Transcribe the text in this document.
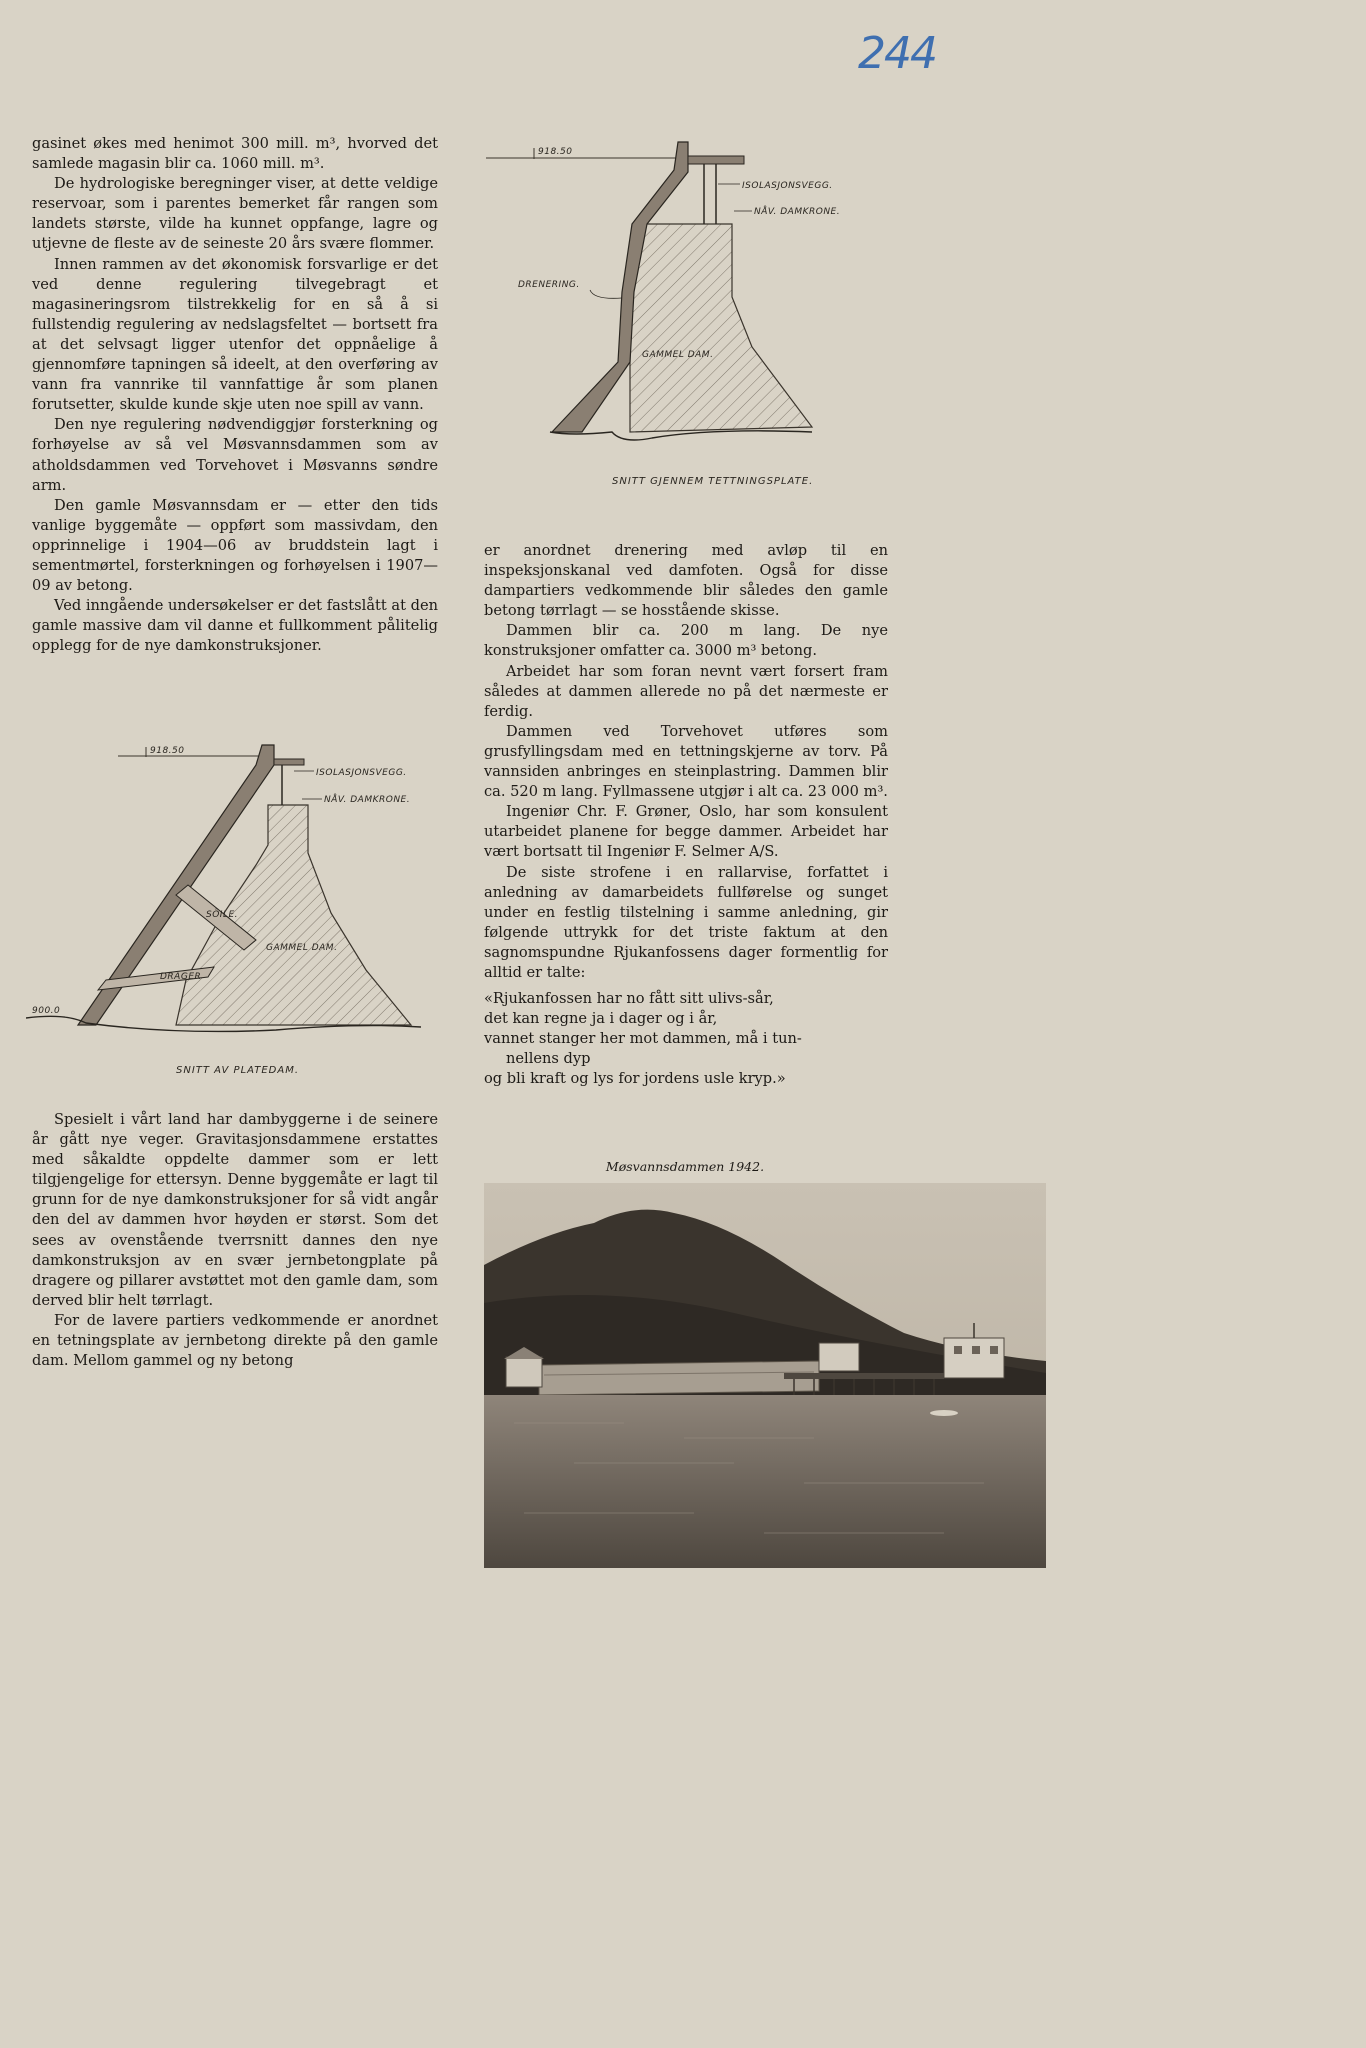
244

gasinet økes med henimot 300 mill. m³, hvorved det samlede magasin blir ca. 1060 mill. m³.

De hydrologiske beregninger viser, at dette veldige reservoar, som i parentes bemerket får rangen som landets største, vilde ha kunnet oppfange, lagre og utjevne de fleste av de seineste 20 års svære flommer.

Innen rammen av det økonomisk forsvarlige er det ved denne regulering tilvegebragt et magasineringsrom tilstrekkelig for en så å si fullstendig regulering av nedslagsfeltet — bortsett fra at det selvsagt ligger utenfor det oppnåelige å gjennomføre tapningen så ideelt, at den overføring av vann fra vannrike til vannfattige år som planen forutsetter, skulde kunde skje uten noe spill av vann.

Den nye regulering nødvendiggjør forsterkning og forhøyelse av så vel Møsvannsdammen som av atholdsdammen ved Torvehovet i Møsvanns søndre arm.

Den gamle Møsvannsdam er — etter den tids vanlige byggemåte — oppført som massivdam, den opprinnelige i 1904—06 av bruddstein lagt i sementmørtel, forsterkningen og forhøyelsen i 1907—09 av betong.

Ved inngående undersøkelser er det fastslått at den gamle massive dam vil danne et fullkomment pålitelig opplegg for de nye damkonstruksjoner.

918.50
900.0
ISOLASJONSVEGG.
NÅV. DAMKRONE.
SÖILE.
GAMMEL DAM.
DRAGER
SNITT AV PLATEDAM.

Spesielt i vårt land har dambyggerne i de seinere år gått nye veger. Gravitasjonsdammene erstattes med såkaldte oppdelte dammer som er lett tilgjengelige for ettersyn. Denne byggemåte er lagt til grunn for de nye damkonstruksjoner for så vidt angår den del av dammen hvor høyden er størst. Som det sees av ovenstående tverrsnitt dannes den nye damkonstruksjon av en svær jernbetongplate på dragere og pillarer avstøttet mot den gamle dam, som derved blir helt tørrlagt.

For de lavere partiers vedkommende er anordnet en tetningsplate av jernbetong direkte på den gamle dam. Mellom gammel og ny betong

918.50
ISOLASJONSVEGG.
NÅV. DAMKRONE.
DRENERING.
GAMMEL DAM.
SNITT GJENNEM TETTNINGSPLATE.

er anordnet drenering med avløp til en inspeksjonskanal ved damfoten. Også for disse dampartiers vedkommende blir således den gamle betong tørrlagt — se hosstående skisse.

Dammen blir ca. 200 m lang. De nye konstruksjoner omfatter ca. 3000 m³ betong.

Arbeidet har som foran nevnt vært forsert fram således at dammen allerede no på det nærmeste er ferdig.

Dammen ved Torvehovet utføres som grusfyllingsdam med en tettningskjerne av torv. På vannsiden anbringes en steinplastring. Dammen blir ca. 520 m lang. Fyllmassene utgjør i alt ca. 23 000 m³.

Ingeniør Chr. F. Grøner, Oslo, har som konsulent utarbeidet planene for begge dammer. Arbeidet har vært bortsatt til Ingeniør F. Selmer A/S.

De siste strofene i en rallarvise, forfattet i anledning av damarbeidets fullførelse og sunget under en festlig tilstelning i samme anledning, gir følgende uttrykk for det triste faktum at den sagnomspundne Rjukanfossens dager formentlig for alltid er talte:

«Rjukanfossen har no fått sitt ulivs-sår,
det kan regne ja i dager og i år,
vannet stanger her mot dammen, må i tun-
nellens dyp
og bli kraft og lys for jordens usle kryp.»
Møsvannsdammen 1942.
